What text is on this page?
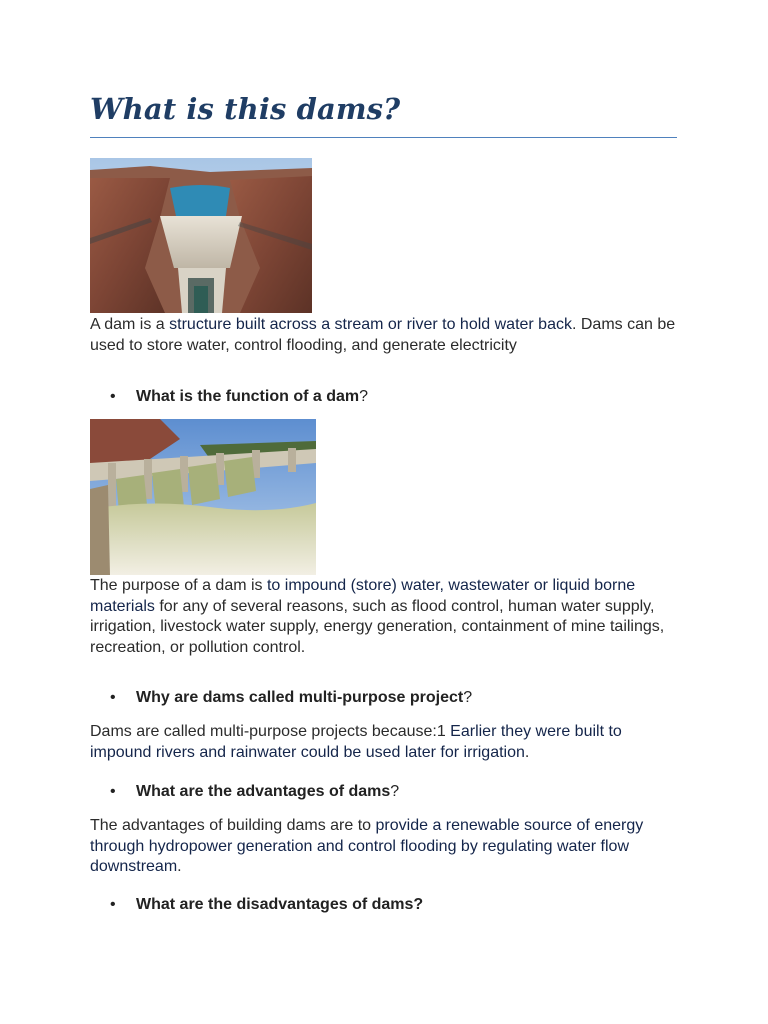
What is this dams?

A dam is a structure built across a stream or river to hold water back. Dams can be used to store water, control flooding, and generate electricity

• What is the function of a dam?

The purpose of a dam is to impound (store) water, wastewater or liquid borne materials for any of several reasons, such as flood control, human water supply, irrigation, livestock water supply, energy generation, containment of mine tailings, recreation, or pollution control.

• Why are dams called multi-purpose project?

Dams are called multi-purpose projects because:1 Earlier they were built to impound rivers and rainwater could be used later for irrigation.

• What are the advantages of dams?

The advantages of building dams are to provide a renewable source of energy through hydropower generation and control flooding by regulating water flow downstream.

• What are the disadvantages of dams?
